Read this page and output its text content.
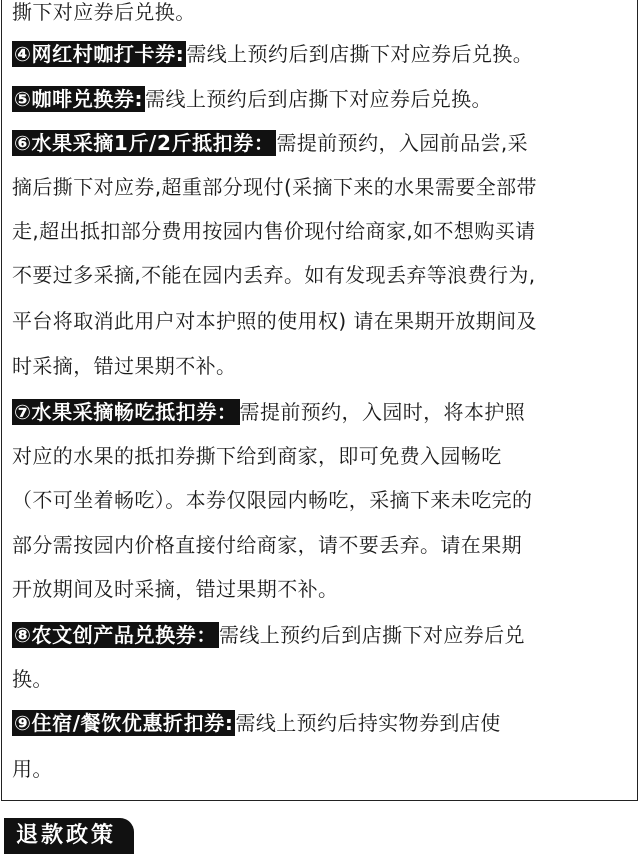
撕下对应券后兑换。
④网红村咖打卡券: 需线上预约后到店撕下对应券后兑换。
⑤咖啡兑换券: 需线上预约后到店撕下对应券后兑换。
⑥水果采摘1斤/2斤抵扣券： 需提前预约，入园前品尝,采
摘后撕下对应券,超重部分现付(采摘下来的水果需要全部带
走,超出抵扣部分费用按园内售价现付给商家,如不想购买请
不要过多采摘,不能在园内丢弃。如有发现丢弃等浪费行为,
平台将取消此用户对本护照的使用权) 请在果期开放期间及
时采摘，错过果期不补。
⑦水果采摘畅吃抵扣券： 需提前预约，入园时，将本护照
对应的水果的抵扣券撕下给到商家，即可免费入园畅吃
（不可坐着畅吃）。本券仅限园内畅吃，采摘下来未吃完的
部分需按园内价格直接付给商家，请不要丢弃。请在果期
开放期间及时采摘，错过果期不补。
⑧农文创产品兑换券： 需线上预约后到店撕下对应券后兑
换。
⑨住宿/餐饮优惠折扣券: 需线上预约后持实物券到店使
用。
退款政策
